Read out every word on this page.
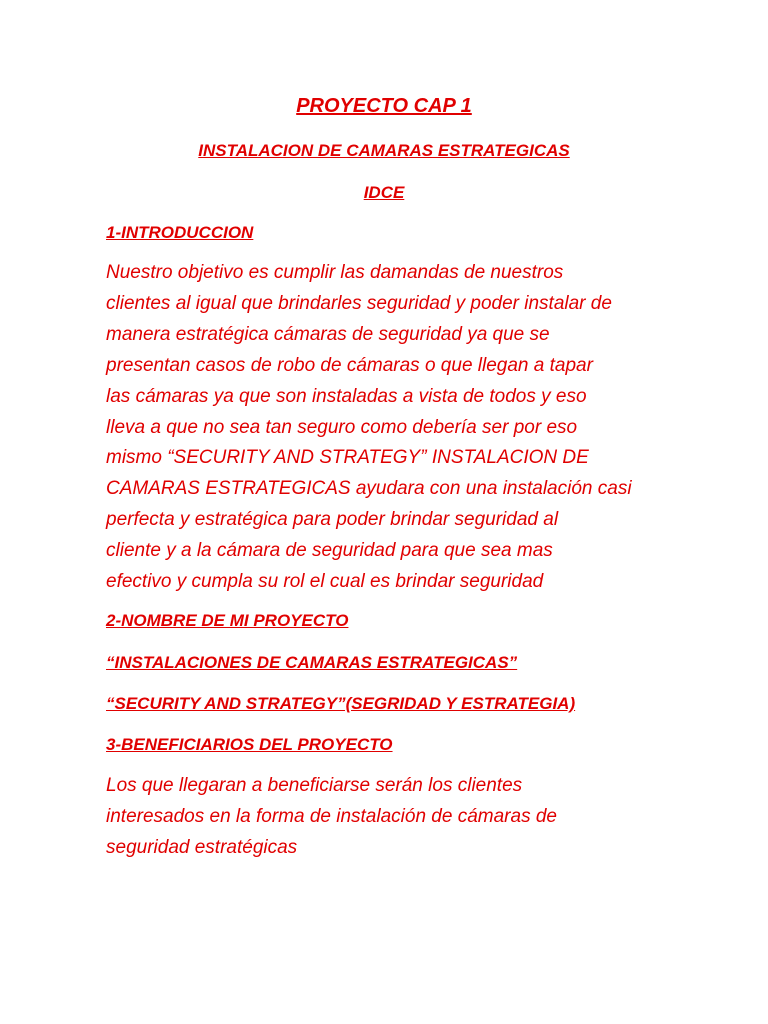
PROYECTO CAP 1
INSTALACION DE CAMARAS ESTRATEGICAS
IDCE
1-INTRODUCCION

Nuestro objetivo es cumplir las damandas de nuestros
clientes al igual que brindarles seguridad y poder instalar de
manera estratégica cámaras de seguridad ya que se
presentan casos de robo de cámaras o que llegan a tapar
las cámaras ya que son instaladas a vista de todos y eso
lleva a que no sea tan seguro como debería ser por eso
mismo “SECURITY AND STRATEGY” INSTALACION DE
CAMARAS ESTRATEGICAS ayudara con una instalación casi
perfecta y estratégica para poder brindar seguridad al
cliente y a la cámara de seguridad para que sea mas
efectivo y cumpla su rol el cual es brindar seguridad

2-NOMBRE DE MI PROYECTO

“INSTALACIONES DE CAMARAS ESTRATEGICAS”

“SECURITY AND STRATEGY”(SEGRIDAD Y ESTRATEGIA)

3-BENEFICIARIOS DEL PROYECTO

Los que llegaran a beneficiarse serán los clientes
interesados en la forma de instalación de cámaras de
seguridad estratégicas
